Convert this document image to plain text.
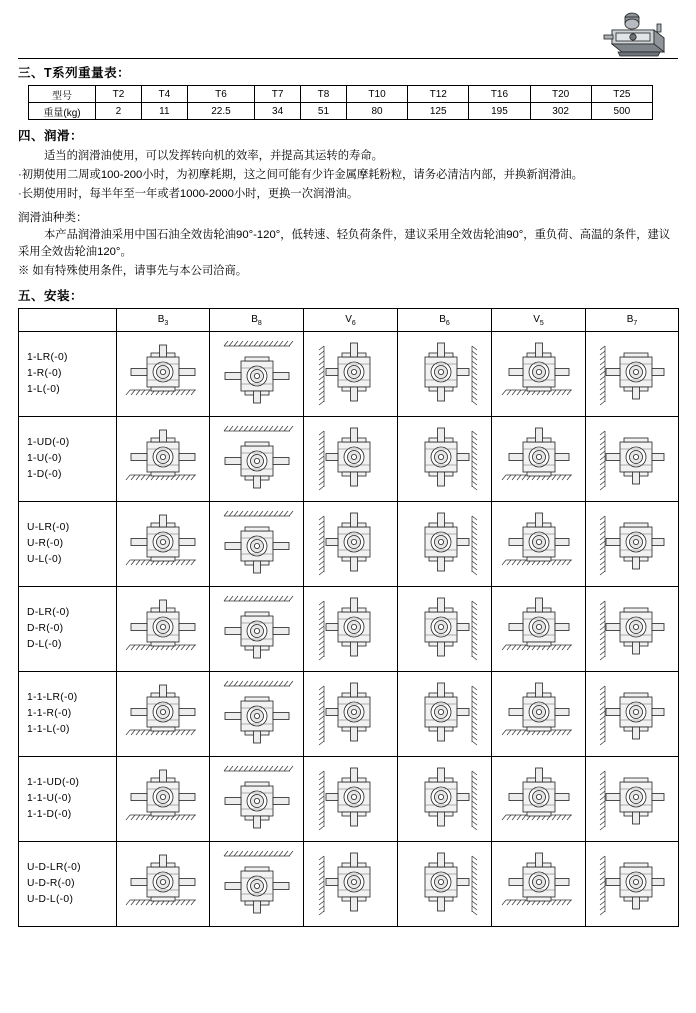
三、T系列重量表：
型号	T2	T4	T6	T7	T8	T10	T12	T16	T20	T25
重量(kg)	2	11	22.5	34	51	80	125	195	302	500
四、润滑：
适当的润滑油使用，可以发挥转向机的效率，并提高其运转的寿命。
·初期使用二周或100-200小时，为初摩耗期，这之间可能有少许金属摩耗粉粒，请务必清洁内部，并换新润滑油。
·长期使用时，每半年至一年或者1000-2000小时，更换一次润滑油。
润滑油种类：
本产品润滑油采用中国石油全效齿轮油90°-120°，低转速、轻负荷条件，建议采用全效齿轮油90°，重负荷、高温的条件，建议采用全效齿轮油120°。
※ 如有特殊使用条件，请事先与本公司洽商。
五、安装：
	$B_3$	$B_8$	$V_6$	$B_6$	$V_5$	$B_7$

1-LR(-0)
1-R(-0)
1-L(-0)

1-UD(-0)
1-U(-0)
1-D(-0)

U-LR(-0)
U-R(-0)
U-L(-0)

D-LR(-0)
D-R(-0)
D-L(-0)

1-1-LR(-0)
1-1-R(-0)
1-1-L(-0)

1-1-UD(-0)
1-1-U(-0)
1-1-D(-0)

U-D-LR(-0)
U-D-R(-0)
U-D-L(-0)
